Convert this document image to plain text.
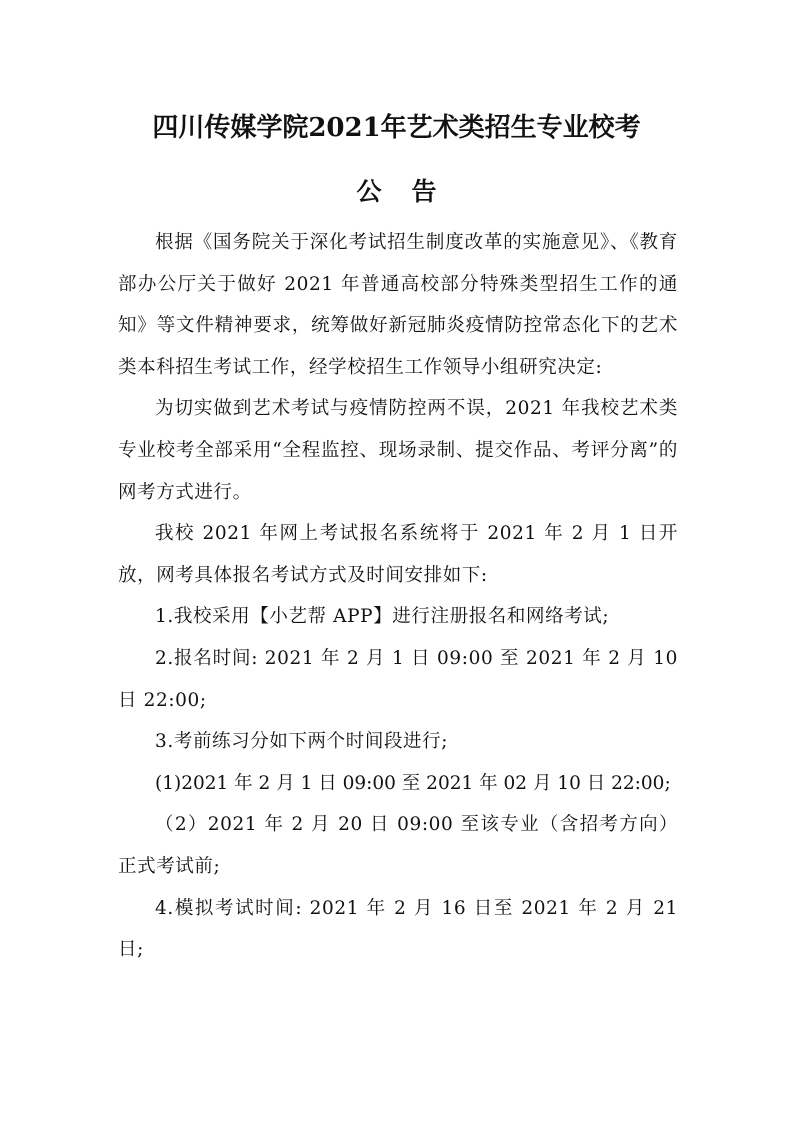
四川传媒学院2021年艺术类招生专业校考
公告

根据《国务院关于深化考试招生制度改革的实施意见》、《教育部办公厅关于做好 2021 年普通高校部分特殊类型招生工作的通知》等文件精神要求，统筹做好新冠肺炎疫情防控常态化下的艺术类本科招生考试工作，经学校招生工作领导小组研究决定:

为切实做到艺术考试与疫情防控两不误，2021 年我校艺术类专业校考全部采用“全程监控、现场录制、提交作品、考评分离”的网考方式进行。

我校 2021 年网上考试报名系统将于 2021 年 2 月 1 日开放，网考具体报名考试方式及时间安排如下:

1.我校采用【小艺帮 APP】进行注册报名和网络考试;

2.报名时间: 2021 年 2 月 1 日 09:00 至 2021 年 2 月 10 日 22:00;

3.考前练习分如下两个时间段进行;

(1)2021 年 2 月 1 日 09:00 至 2021 年 02 月 10 日 22:00;

（2）2021 年 2 月 20 日 09:00 至该专业（含招考方向）正式考试前;

4.模拟考试时间: 2021 年 2 月 16 日至 2021 年 2 月 21 日;
